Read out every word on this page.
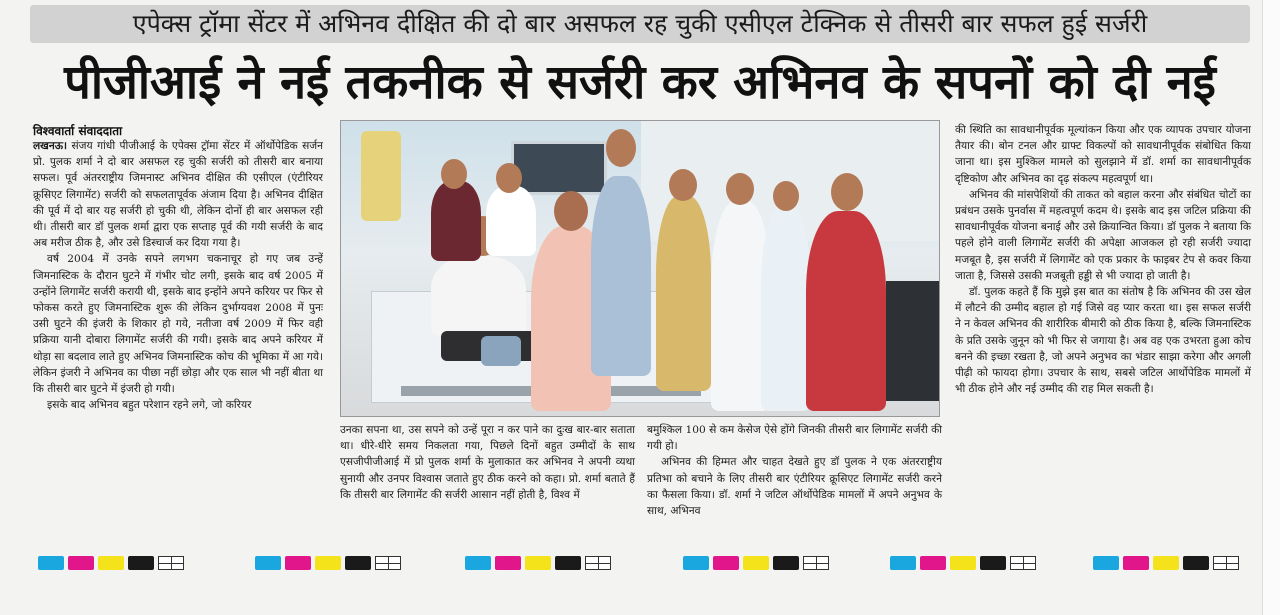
एपेक्स ट्रॉमा सेंटर में अभिनव दीक्षित की दो बार असफल रह चुकी एसीएल टेक्निक से तीसरी बार सफल हुई सर्जरी
पीजीआई ने नई तकनीक से सर्जरी कर अभिनव के सपनों को दी नई
विश्ववार्ता संवाददाता

लखनऊ। संजय गांधी पीजीआई के एपेक्स ट्रॉमा सेंटर में ऑर्थोपेडिक सर्जन प्रो. पुलक शर्मा ने दो बार असफल रह चुकी सर्जरी को तीसरी बार बनाया सफल। पूर्व अंतरराष्ट्रीय जिमनास्ट अभिनव दीक्षित की एसीएल (एंटीरियर क्रूसिएट लिगामेंट) सर्जरी को सफलतापूर्वक अंजाम दिया है। अभिनव दीक्षित की पूर्व में दो बार यह सर्जरी हो चुकी थी, लेकिन दोनों ही बार असफल रही थी। तीसरी बार डॉ पुलक शर्मा द्वारा एक सप्ताह पूर्व की गयी सर्जरी के बाद अब मरीज ठीक है, और उसे डिस्चार्ज कर दिया गया है।

वर्ष 2004 में उनके सपने लगभग चकनाचूर हो गए जब उन्हें जिमनास्टिक के दौरान घुटने में गंभीर चोट लगी, इसके बाद वर्ष 2005 में उन्होंने लिगामेंट सर्जरी करायी थी, इसके बाद इन्होंने अपने करियर पर फिर से फोकस करते हुए जिमनास्टिक शुरू की लेकिन दुर्भाग्यवश 2008 में पुनः उसी घुटने की इंजरी के शिकार हो गये, नतीजा वर्ष 2009 में फिर वही प्रक्रिया यानी दोबारा लिगामेंट सर्जरी की गयी। इसके बाद अपने करियर में थोड़ा सा बदलाव लाते हुए अभिनव जिमनास्टिक कोच की भूमिका में आ गये। लेकिन इंजरी ने अभिनव का पीछा नहीं छोड़ा और एक साल भी नहीं बीता था कि तीसरी बार घुटने में इंजरी हो गयी।

इसके बाद अभिनव बहुत परेशान रहने लगे, जो करियर

उनका सपना था, उस सपने को उन्हें पूरा न कर पाने का दुःख बार-बार सताता था। धीरे-धीरे समय निकलता गया, पिछले दिनों बहुत उम्मीदों के साथ एसजीपीजीआई में प्रो पुलक शर्मा के मुलाकात कर अभिनव ने अपनी व्यथा सुनायी और उनपर विश्वास जताते हुए ठीक करने को कहा। प्रो. शर्मा बताते हैं कि तीसरी बार लिगामेंट की सर्जरी आसान नहीं होती है, विश्व में

बमुश्किल 100 से कम केसेज ऐसे होंगे जिनकी तीसरी बार लिगामेंट सर्जरी की गयी हो।

अभिनव की हिम्मत और चाहत देखते हुए डॉ पुलक ने एक अंतरराष्ट्रीय प्रतिभा को बचाने के लिए तीसरी बार एंटीरियर क्रूसिएट लिगामेंट सर्जरी करने का फैसला किया। डॉ. शर्मा ने जटिल ऑर्थोपेडिक मामलों में अपने अनुभव के साथ, अभिनव

की स्थिति का सावधानीपूर्वक मूल्यांकन किया और एक व्यापक उपचार योजना तैयार की। बोन टनल और ग्राफ्ट विकल्पों को सावधानीपूर्वक संबोधित किया जाना था। इस मुश्किल मामले को सुलझाने में डॉ. शर्मा का सावधानीपूर्वक दृष्टिकोण और अभिनव का दृढ़ संकल्प महत्वपूर्ण था।

अभिनव की मांसपेशियों की ताकत को बहाल करना और संबंधित चोटों का प्रबंधन उसके पुनर्वास में महत्वपूर्ण कदम थे। इसके बाद इस जटिल प्रक्रिया की सावधानीपूर्वक योजना बनाई और उसे क्रियान्वित किया। डॉ पुलक ने बताया कि पहले होने वाली लिगामेंट सर्जरी की अपेक्षा आजकल हो रही सर्जरी ज्यादा मजबूत है, इस सर्जरी में लिगामेंट को एक प्रकार के फाइबर टेप से कवर किया जाता है, जिससे उसकी मजबूती हड्डी से भी ज्यादा हो जाती है।

डॉ. पुलक कहते हैं कि मुझे इस बात का संतोष है कि अभिनव की उस खेल में लौटने की उम्मीद बहाल हो गई जिसे वह प्यार करता था। इस सफल सर्जरी ने न केवल अभिनव की शारीरिक बीमारी को ठीक किया है, बल्कि जिमनास्टिक के प्रति उसके जुनून को भी फिर से जगाया है। अब वह एक उभरता हुआ कोच बनने की इच्छा रखता है, जो अपने अनुभव का भंडार साझा करेगा और अगली पीढ़ी को फायदा होगा। उपचार के साथ, सबसे जटिल आर्थोपेडिक मामलों में भी ठीक होने और नई उम्मीद की राह मिल सकती है।
